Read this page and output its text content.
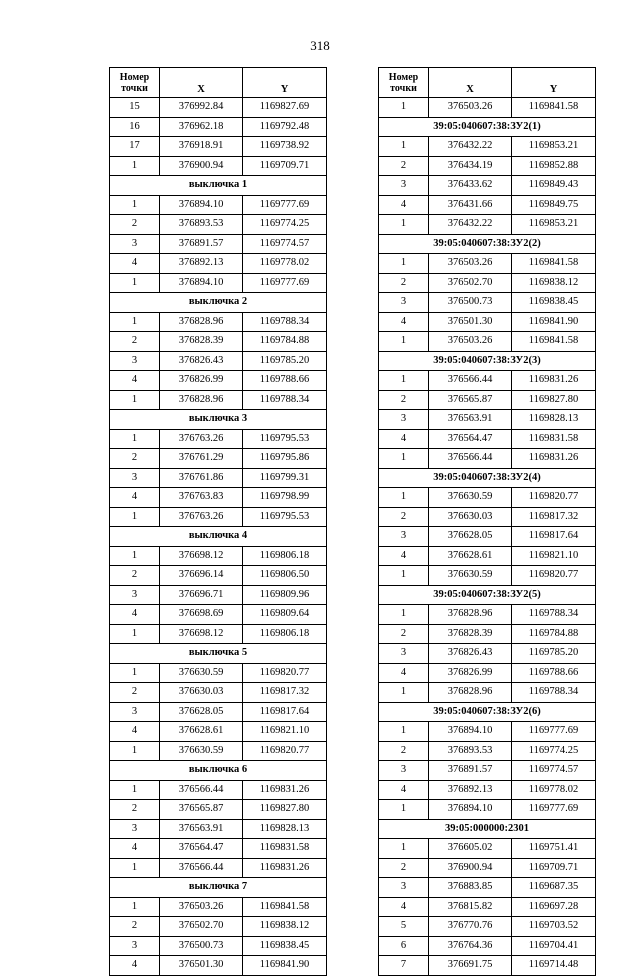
318
Номер
точки	X	Y
15	376992.84	1169827.69
16	376962.18	1169792.48
17	376918.91	1169738.92
1	376900.94	1169709.71
выключка 1		
1	376894.10	1169777.69
2	376893.53	1169774.25
3	376891.57	1169774.57
4	376892.13	1169778.02
1	376894.10	1169777.69
выключка 2		
1	376828.96	1169788.34
2	376828.39	1169784.88
3	376826.43	1169785.20
4	376826.99	1169788.66
1	376828.96	1169788.34
выключка 3		
1	376763.26	1169795.53
2	376761.29	1169795.86
3	376761.86	1169799.31
4	376763.83	1169798.99
1	376763.26	1169795.53
выключка 4		
1	376698.12	1169806.18
2	376696.14	1169806.50
3	376696.71	1169809.96
4	376698.69	1169809.64
1	376698.12	1169806.18
выключка 5		
1	376630.59	1169820.77
2	376630.03	1169817.32
3	376628.05	1169817.64
4	376628.61	1169821.10
1	376630.59	1169820.77
выключка 6		
1	376566.44	1169831.26
2	376565.87	1169827.80
3	376563.91	1169828.13
4	376564.47	1169831.58
1	376566.44	1169831.26
выключка 7		
1	376503.26	1169841.58
2	376502.70	1169838.12
3	376500.73	1169838.45
4	376501.30	1169841.90
Номер
точки	X	Y
1	376503.26	1169841.58
39:05:040607:38:ЗУ2(1)		
1	376432.22	1169853.21
2	376434.19	1169852.88
3	376433.62	1169849.43
4	376431.66	1169849.75
1	376432.22	1169853.21
39:05:040607:38:ЗУ2(2)		
1	376503.26	1169841.58
2	376502.70	1169838.12
3	376500.73	1169838.45
4	376501.30	1169841.90
1	376503.26	1169841.58
39:05:040607:38:ЗУ2(3)		
1	376566.44	1169831.26
2	376565.87	1169827.80
3	376563.91	1169828.13
4	376564.47	1169831.58
1	376566.44	1169831.26
39:05:040607:38:ЗУ2(4)		
1	376630.59	1169820.77
2	376630.03	1169817.32
3	376628.05	1169817.64
4	376628.61	1169821.10
1	376630.59	1169820.77
39:05:040607:38:ЗУ2(5)		
1	376828.96	1169788.34
2	376828.39	1169784.88
3	376826.43	1169785.20
4	376826.99	1169788.66
1	376828.96	1169788.34
39:05:040607:38:ЗУ2(6)		
1	376894.10	1169777.69
2	376893.53	1169774.25
3	376891.57	1169774.57
4	376892.13	1169778.02
1	376894.10	1169777.69
39:05:000000:2301		
1	376605.02	1169751.41
2	376900.94	1169709.71
3	376883.85	1169687.35
4	376815.82	1169697.28
5	376770.76	1169703.52
6	376764.36	1169704.41
7	376691.75	1169714.48
